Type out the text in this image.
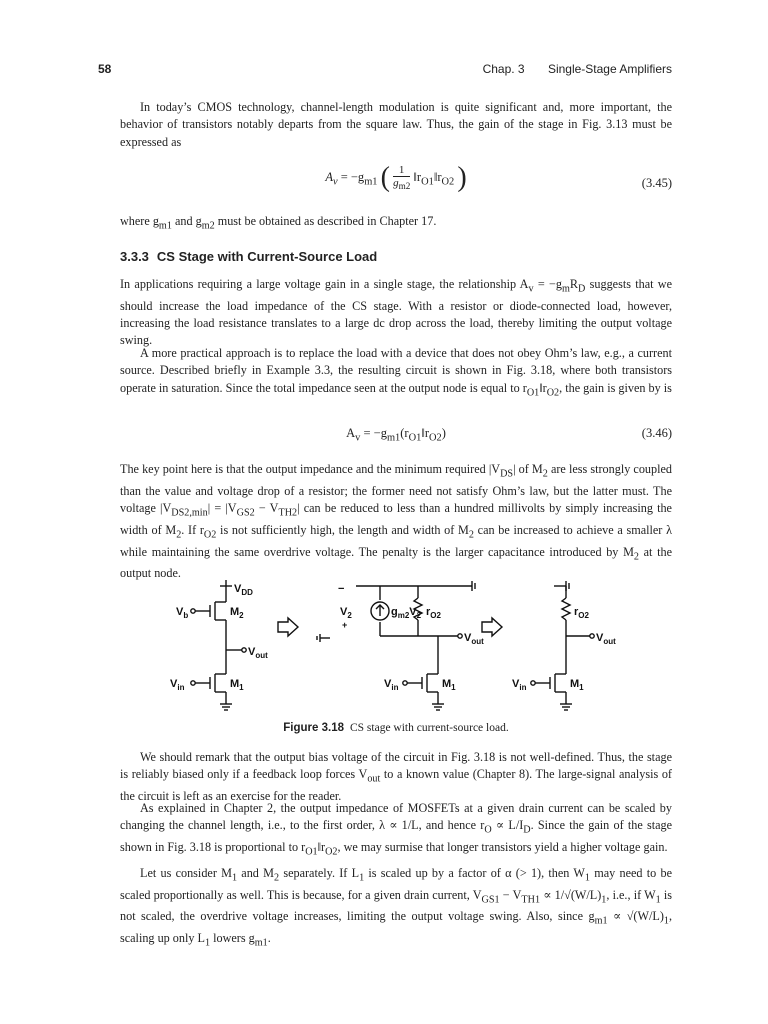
58	Chap. 3 Single-Stage Amplifiers

In today’s CMOS technology, channel-length modulation is quite significant and, more important, the behavior of transistors notably departs from the square law. Thus, the gain of the stage in Fig. 3.13 must be expressed as

$A_v = -g_{m1}$ ( $\frac{1}{g_{m2}}$ $‖r_{O1}‖r_{O2}$ )	(3.45)

where $g_{m1}$ and $g_{m2}$ must be obtained as described in Chapter 17.

3.3.3 CS Stage with Current-Source Load

In applications requiring a large voltage gain in a single stage, the relationship $A_v = -g_mR_D$ suggests that we should increase the load impedance of the CS stage. With a resistor or diode-connected load, however, increasing the load resistance translates to a large dc drop across the load, thereby limiting the output voltage swing.

A more practical approach is to replace the load with a device that does not obey Ohm’s law, e.g., a current source. Described briefly in Example 3.3, the resulting circuit is shown in Fig. 3.18, where both transistors operate in saturation. Since the total impedance seen at the output node is equal to $r_{O1}‖r_{O2}$, the gain is given by is

$A_v$ = $-g_{m1}(r_{O1}‖r_{O2})$	(3.46)

The key point here is that the output impedance and the minimum required $|V_{DS}|$ of $M_2$ are less strongly coupled than the value and voltage drop of a resistor; the former need not satisfy Ohm’s law, but the latter must. The voltage $|V_{DS2,min}| = |V_{GS2} - V_{TH2}|$ can be reduced to less than a hundred millivolts by simply increasing the width of $M_2$. If $r_{O2}$ is not sufficiently high, the length and width of $M_2$ can be increased to achieve a smaller λ while maintaining the same overdrive voltage. The penalty is the larger capacitance introduced by $M_2$ at the output node.

$V_{DD}$
$V_b$	$M_2$
$V_{out}$
$V_{in}$	$M_1$
−
$V_2$
+
$g_{m2}V_2$ $r_{O2}$
$V_{out}$
$V_{in}$	$M_1$
$r_{O2}$
$V_{out}$
$V_{in}$	$M_1$
Figure 3.18 CS stage with current-source load.

We should remark that the output bias voltage of the circuit in Fig. 3.18 is not well-defined. Thus, the stage is reliably biased only if a feedback loop forces $V_{out}$ to a known value (Chapter 8). The large-signal analysis of the circuit is left as an exercise for the reader.

As explained in Chapter 2, the output impedance of MOSFETs at a given drain current can be scaled by changing the channel length, i.e., to the first order, λ ∝ 1/L, and hence $r_O \propto L/I_D$. Since the gain of the stage shown in Fig. 3.18 is proportional to $r_{O1}‖r_{O2}$, we may surmise that longer transistors yield a higher voltage gain.

Let us consider $M_1$ and $M_2$ separately. If $L_1$ is scaled up by a factor of α (> 1), then $W_1$ may need to be scaled proportionally as well. This is because, for a given drain current, $V_{GS1} - V_{TH1} \propto 1/√(W/L)_1$, i.e., if $W_1$ is not scaled, the overdrive voltage increases, limiting the output voltage swing. Also, since $g_{m1} \propto √(W/L)_1$, scaling up only $L_1$ lowers $g_{m1}$.
